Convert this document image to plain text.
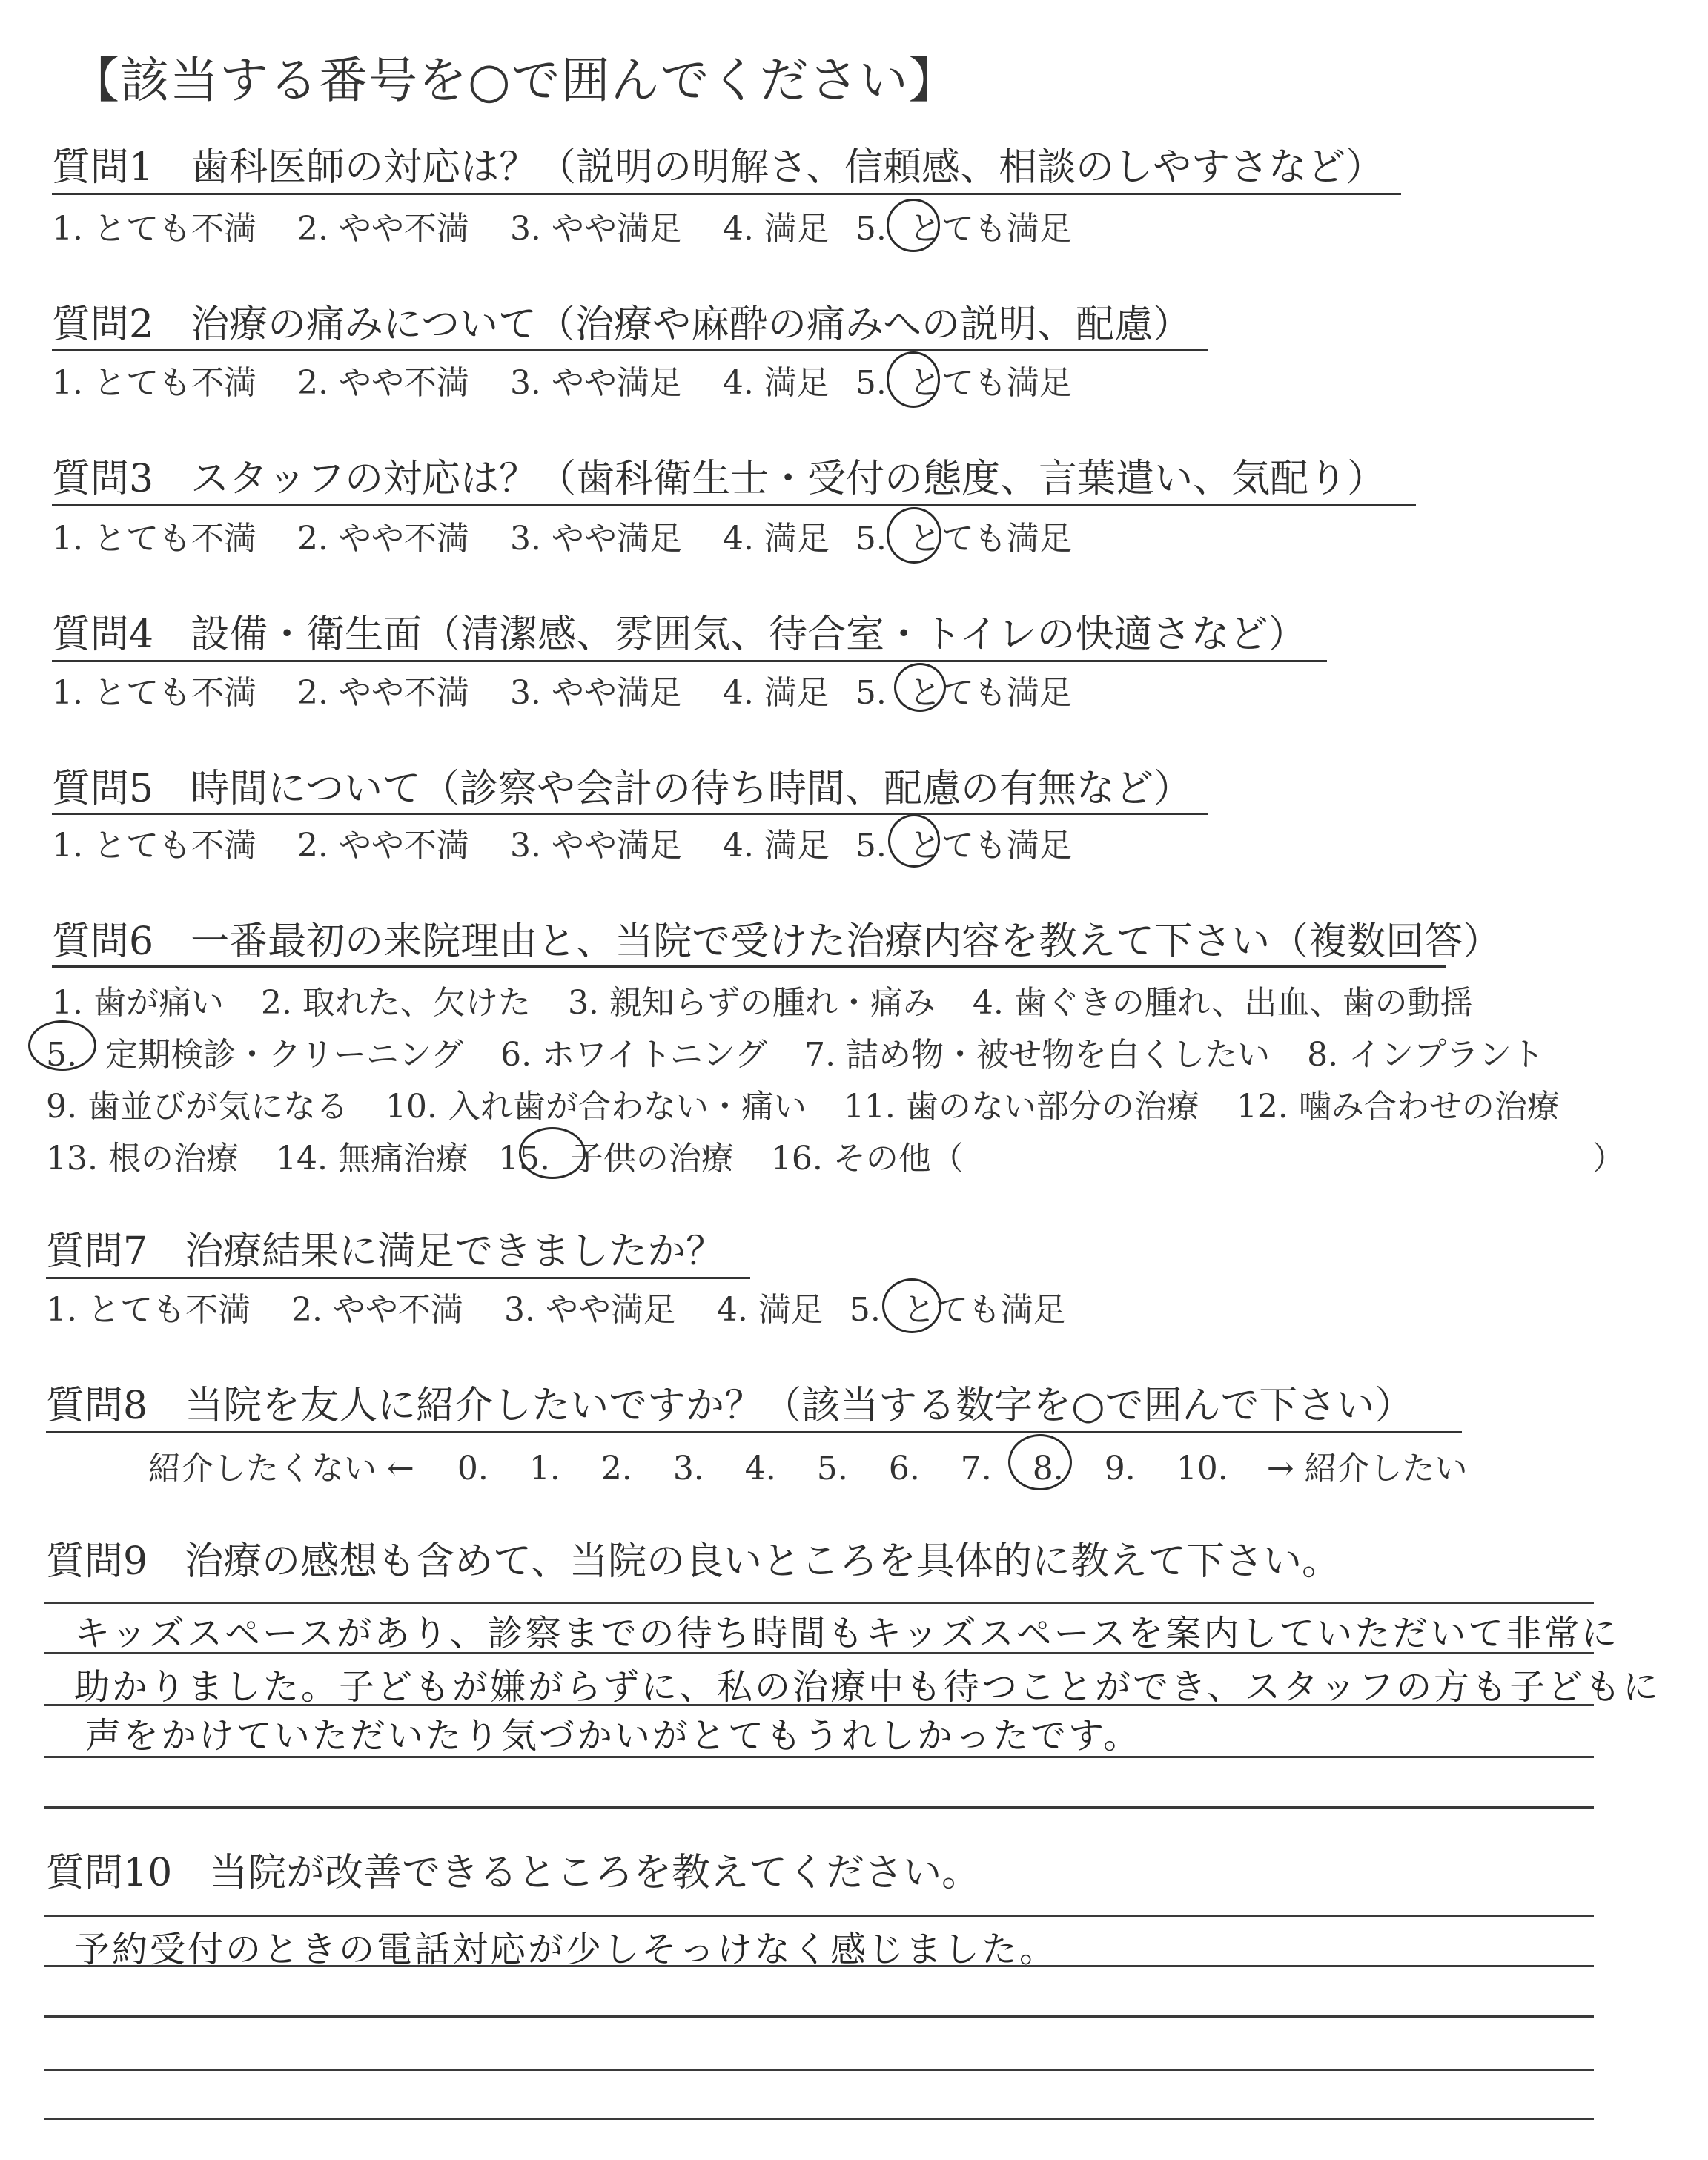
【該当する番号を○で囲んでください】
質問1 歯科医師の対応は？（説明の明解さ、信頼感、相談のしやすさなど）
1. とても不満 2. やや不満 3. やや満足 4. 満足 5. とても満足
質問2 治療の痛みについて（治療や麻酔の痛みへの説明、配慮）
1. とても不満 2. やや不満 3. やや満足 4. 満足 5. とても満足
質問3 スタッフの対応は？（歯科衛生士・受付の態度、言葉遣い、気配り）
1. とても不満 2. やや不満 3. やや満足 4. 満足 5. とても満足
質問4 設備・衛生面（清潔感、雰囲気、待合室・トイレの快適さなど）
1. とても不満 2. やや不満 3. やや満足 4. 満足 5. とても満足
質問5 時間について（診察や会計の待ち時間、配慮の有無など）
1. とても不満 2. やや不満 3. やや満足 4. 満足 5. とても満足
質問6 一番最初の来院理由と、当院で受けた治療内容を教えて下さい（複数回答）
1. 歯が痛い 2. 取れた、欠けた 3. 親知らずの腫れ・痛み 4. 歯ぐきの腫れ、出血、歯の動揺
5. 定期検診・クリーニング 6. ホワイトニング 7. 詰め物・被せ物を白くしたい 8. インプラント
9. 歯並びが気になる 10. 入れ歯が合わない・痛い 11. 歯のない部分の治療 12. 噛み合わせの治療
13. 根の治療 14. 無痛治療 15. 子供の治療 16. その他（	）
質問7 治療結果に満足できましたか？
1. とても不満 2. やや不満 3. やや満足 4. 満足 5. とても満足
質問8 当院を友人に紹介したいですか？（該当する数字を○で囲んで下さい）
紹介したくない ← 0. 1. 2. 3. 4. 5. 6. 7. 8. 9. 10. → 紹介したい
質問9 治療の感想も含めて、当院の良いところを具体的に教えて下さい。
キッズスペースがあり、診察までの待ち時間もキッズスペースを案内していただいて非常に
助かりました。子どもが嫌がらずに、私の治療中も待つことができ、スタッフの方も子どもに
声をかけていただいたり気づかいがとてもうれしかったです。
質問10 当院が改善できるところを教えてください。
予約受付のときの電話対応が少しそっけなく感じました。
